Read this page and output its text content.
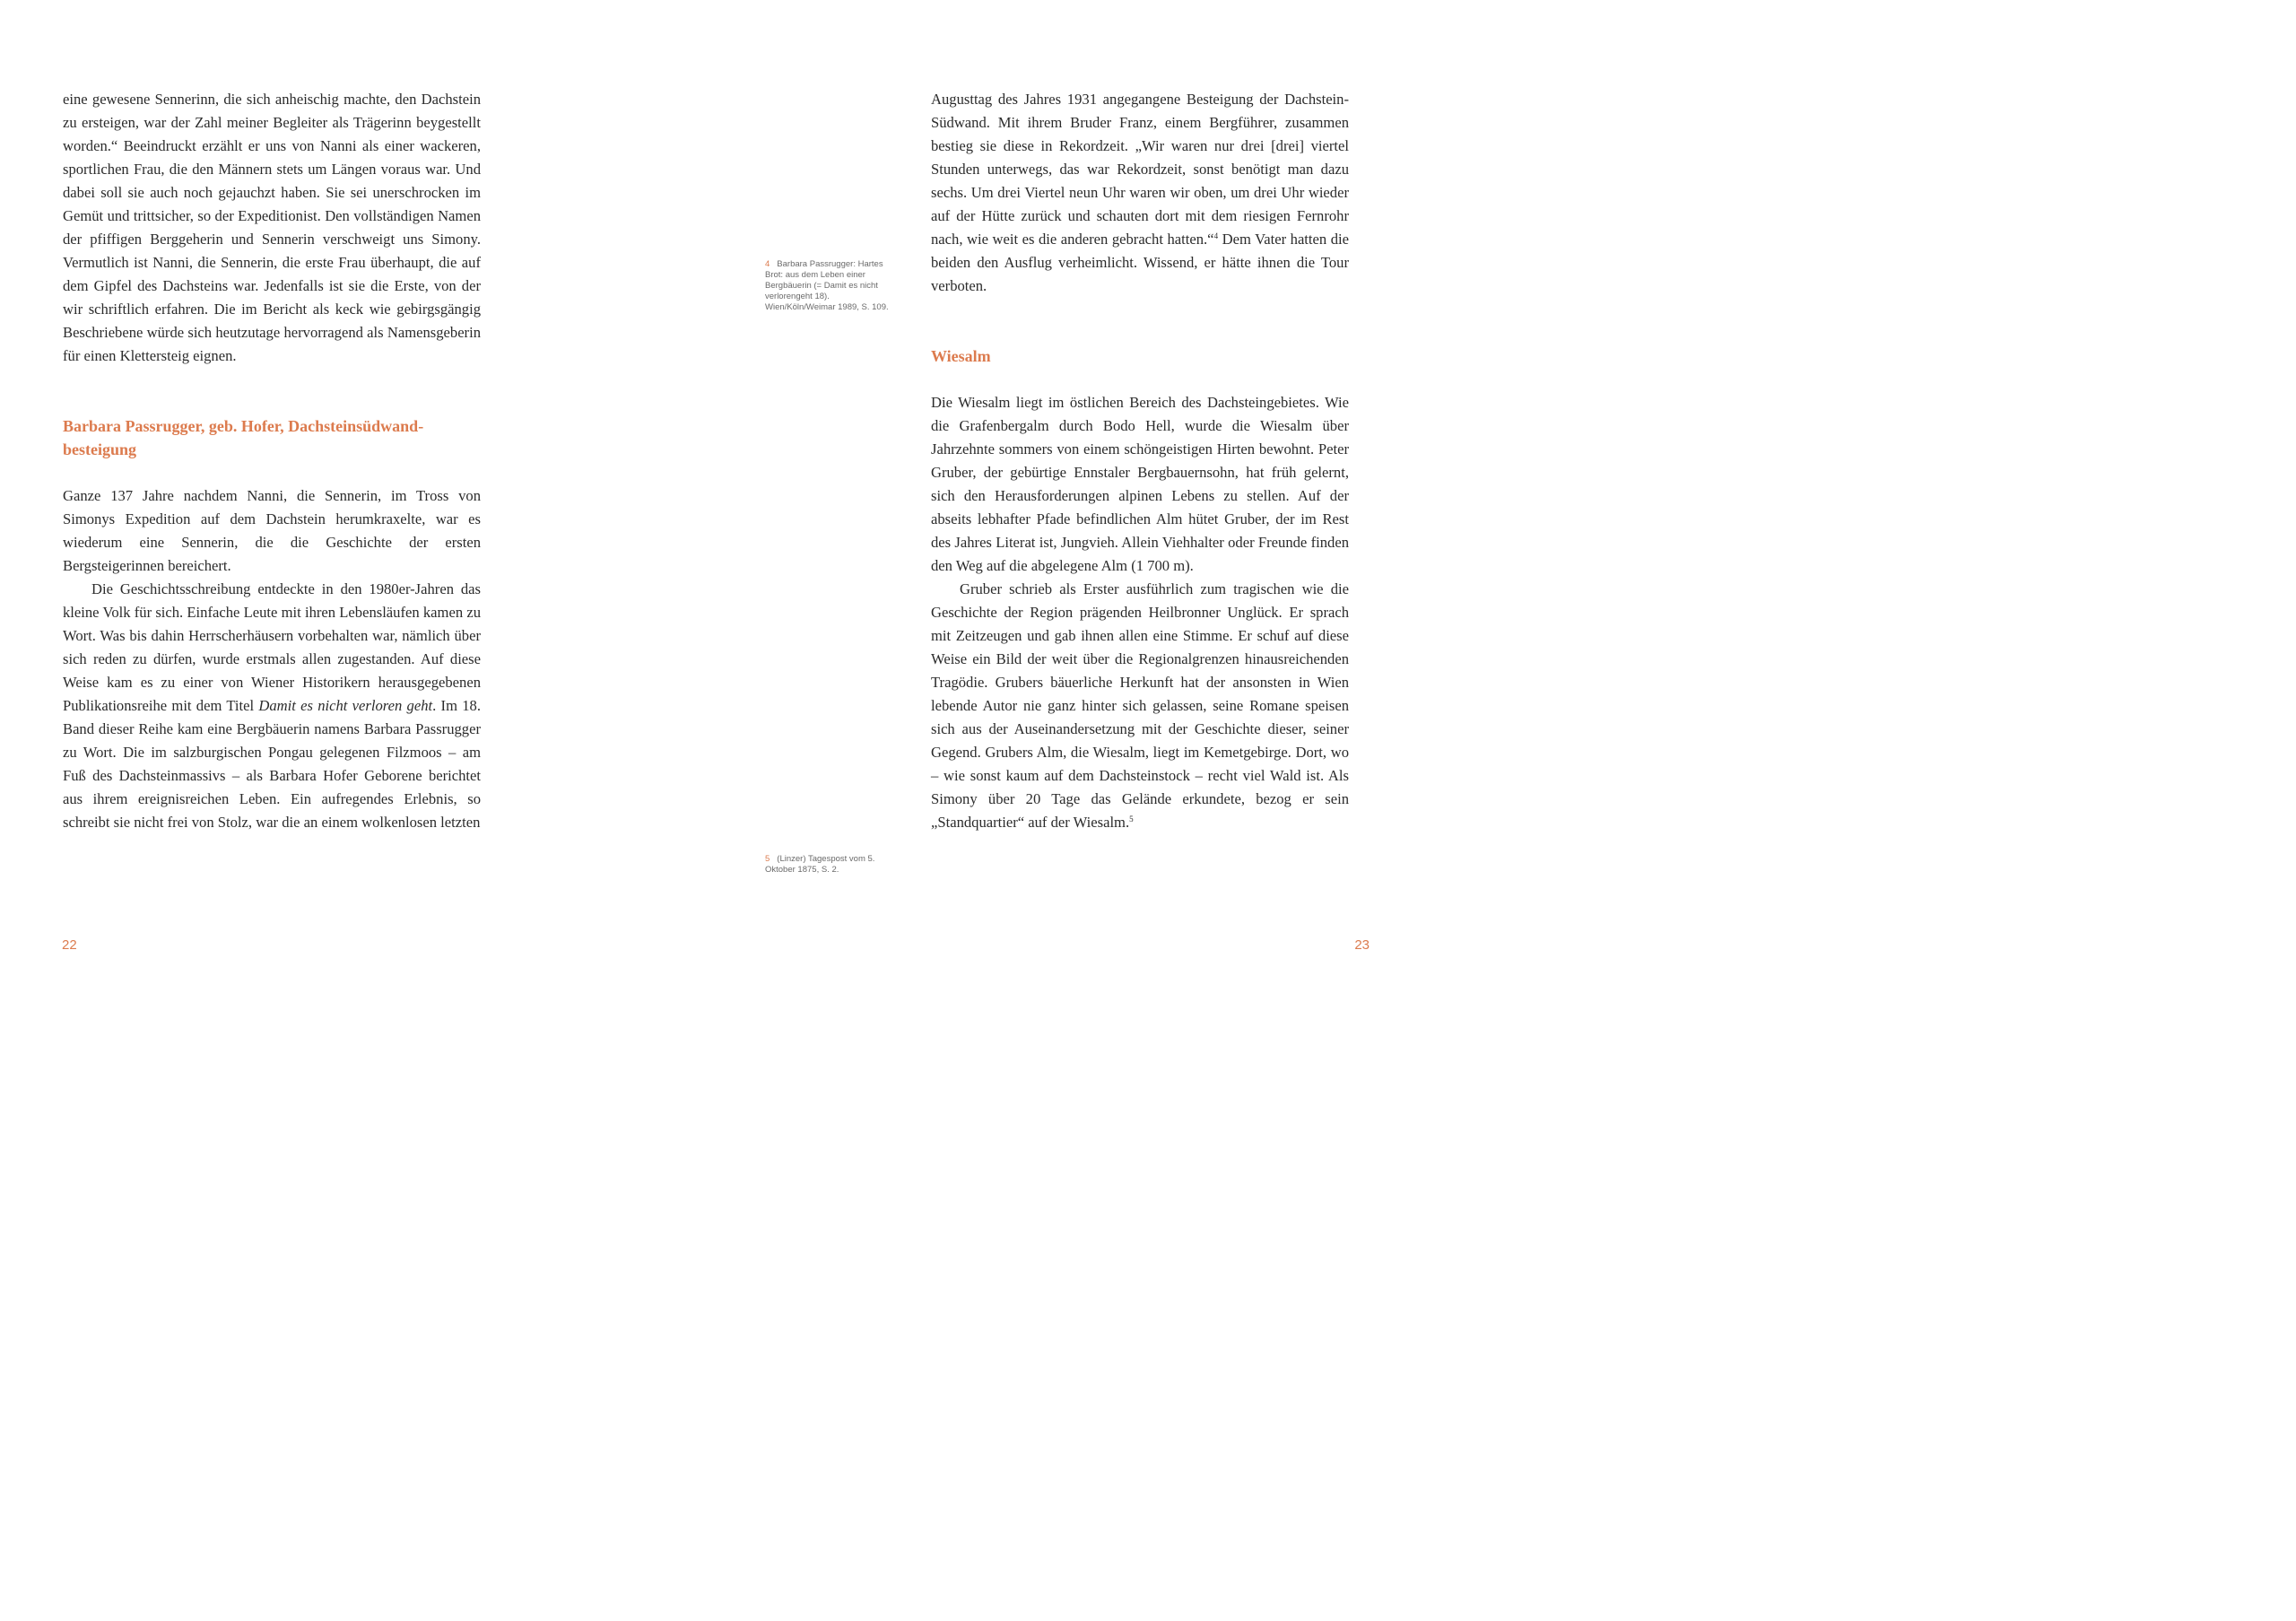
eine gewesene Sennerinn, die sich anheischig machte, den Dachstein zu ersteigen, war der Zahl meiner Begleiter als Trägerinn beygestellt worden.“ Beeindruckt erzählt er uns von Nanni als einer wackeren, sportlichen Frau, die den Männern stets um Längen voraus war. Und dabei soll sie auch noch gejauchzt haben. Sie sei unerschrocken im Gemüt und trittsicher, so der Expeditionist. Den vollständigen Namen der pfiffigen Berggeherin und Sennerin verschweigt uns Simony. Vermutlich ist Nanni, die Sennerin, die erste Frau überhaupt, die auf dem Gipfel des Dachsteins war. Jedenfalls ist sie die Erste, von der wir schriftlich erfahren. Die im Bericht als keck wie gebirgsgängig Beschriebene würde sich heutzutage hervorragend als Namensgeberin für einen Klettersteig eignen.

Barbara Passrugger, geb. Hofer, Dachsteinsüdwandbesteigung

Ganze 137 Jahre nachdem Nanni, die Sennerin, im Tross von Simonys Expedition auf dem Dachstein herumkraxelte, war es wiederum eine Sennerin, die die Geschichte der ersten Bergsteigerinnen bereichert.

Die Geschichtsschreibung entdeckte in den 1980er-Jahren das kleine Volk für sich. Einfache Leute mit ihren Lebensläufen kamen zu Wort. Was bis dahin Herrscherhäusern vorbehalten war, nämlich über sich reden zu dürfen, wurde erstmals allen zugestanden. Auf diese Weise kam es zu einer von Wiener Historikern herausgegebenen Publikationsreihe mit dem Titel Damit es nicht verloren geht. Im 18. Band dieser Reihe kam eine Bergbäuerin namens Barbara Passrugger zu Wort. Die im salzburgischen Pongau gelegenen Filzmoos – am Fuß des Dachsteinmassivs – als Barbara Hofer Geborene berichtet aus ihrem ereignisreichen Leben. Ein aufregendes Erlebnis, so schreibt sie nicht frei von Stolz, war die an einem wolkenlosen letzten

22
4 Barbara Passrugger: Hartes Brot: aus dem Leben einer Bergbäuerin (= Damit es nicht verlorengeht 18). Wien/Köln/Weimar 1989, S. 109.
5 (Linzer) Tagespost vom 5. Oktober 1875, S. 2.

Augusttag des Jahres 1931 angegangene Besteigung der Dachstein-Südwand. Mit ihrem Bruder Franz, einem Bergführer, zusammen bestieg sie diese in Rekordzeit. „Wir waren nur drei [drei] viertel Stunden unterwegs, das war Rekordzeit, sonst benötigt man dazu sechs. Um drei Viertel neun Uhr waren wir oben, um drei Uhr wieder auf der Hütte zurück und schauten dort mit dem riesigen Fernrohr nach, wie weit es die anderen gebracht hatten.“$^4$ Dem Vater hatten die beiden den Ausflug verheimlicht. Wissend, er hätte ihnen die Tour verboten.

Wiesalm

Die Wiesalm liegt im östlichen Bereich des Dachsteingebietes. Wie die Grafenbergalm durch Bodo Hell, wurde die Wiesalm über Jahrzehnte sommers von einem schöngeistigen Hirten bewohnt. Peter Gruber, der gebürtige Ennstaler Bergbauernsohn, hat früh gelernt, sich den Herausforderungen alpinen Lebens zu stellen. Auf der abseits lebhafter Pfade befindlichen Alm hütet Gruber, der im Rest des Jahres Literat ist, Jungvieh. Allein Viehhalter oder Freunde finden den Weg auf die abgelegene Alm (1 700 m).

Gruber schrieb als Erster ausführlich zum tragischen wie die Geschichte der Region prägenden Heilbronner Unglück. Er sprach mit Zeitzeugen und gab ihnen allen eine Stimme. Er schuf auf diese Weise ein Bild der weit über die Regionalgrenzen hinausreichenden Tragödie. Grubers bäuerliche Herkunft hat der ansonsten in Wien lebende Autor nie ganz hinter sich gelassen, seine Romane speisen sich aus der Auseinandersetzung mit der Geschichte dieser, seiner Gegend. Grubers Alm, die Wiesalm, liegt im Kemetgebirge. Dort, wo – wie sonst kaum auf dem Dachsteinstock – recht viel Wald ist. Als Simony über 20 Tage das Gelände erkundete, bezog er sein „Standquartier“ auf der Wiesalm.$^5$

23
